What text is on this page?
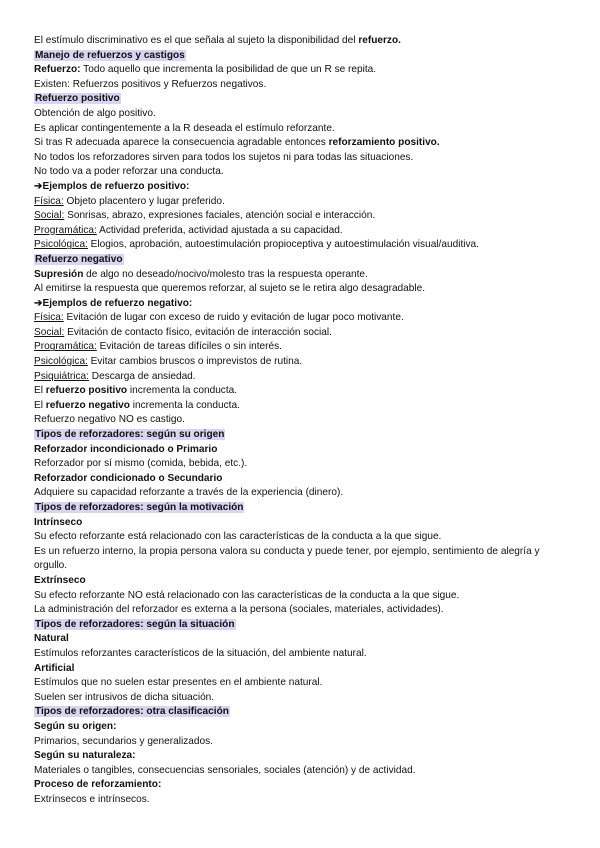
El estímulo discriminativo es el que señala al sujeto la disponibilidad del refuerzo.
Manejo de refuerzos y castigos
Refuerzo: Todo aquello que incrementa la posibilidad de que un R se repita.
Existen: Refuerzos positivos y Refuerzos negativos.
Refuerzo positivo
Obtención de algo positivo.
Es aplicar contingentemente a la R deseada el estímulo reforzante.
Si tras R adecuada aparece la consecuencia agradable entonces reforzamiento positivo.
No todos los reforzadores sirven para todos los sujetos ni para todas las situaciones.
No todo va a poder reforzar una conducta.
➔Ejemplos de refuerzo positivo:
Física: Objeto placentero y lugar preferido.
Social: Sonrisas, abrazo, expresiones faciales, atención social e interacción.
Programática: Actividad preferida, actividad ajustada a su capacidad.
Psicológica: Elogios, aprobación, autoestimulación propioceptiva y autoestimulación visual/auditiva.
Refuerzo negativo
Supresión de algo no deseado/nocivo/molesto tras la respuesta operante.
Al emitirse la respuesta que queremos reforzar, al sujeto se le retira algo desagradable.
➔Ejemplos de refuerzo negativo:
Física: Evitación de lugar con exceso de ruido y evitación de lugar poco motivante.
Social: Evitación de contacto físico, evitación de interacción social.
Programática: Evitación de tareas difíciles o sin interés.
Psicológica: Evitar cambios bruscos o imprevistos de rutina.
Psiquiátrica: Descarga de ansiedad.
El refuerzo positivo incrementa la conducta.
El refuerzo negativo incrementa la conducta.
Refuerzo negativo NO es castigo.
Tipos de reforzadores: según su origen
Reforzador incondicionado o Primario
Reforzador por sí mismo (comida, bebida, etc.).
Reforzador condicionado o Secundario
Adquiere su capacidad reforzante a través de la experiencia (dinero).
Tipos de reforzadores: según la motivación
Intrínseco
Su efecto reforzante está relacionado con las características de la conducta a la que sigue.
Es un refuerzo interno, la propia persona valora su conducta y puede tener, por ejemplo, sentimiento de alegría y orgullo.
Extrínseco
Su efecto reforzante NO está relacionado con las características de la conducta a la que sigue.
La administración del reforzador es externa a la persona (sociales, materiales, actividades).
Tipos de reforzadores: según la situación
Natural
Estímulos reforzantes característicos de la situación, del ambiente natural.
Artificial
Estímulos que no suelen estar presentes en el ambiente natural.
Suelen ser intrusivos de dicha situación.
Tipos de reforzadores: otra clasificación
Según su origen:
Primarios, secundarios y generalizados.
Según su naturaleza:
Materiales o tangibles, consecuencias sensoriales, sociales (atención) y de actividad.
Proceso de reforzamiento:
Extrínsecos e intrínsecos.
